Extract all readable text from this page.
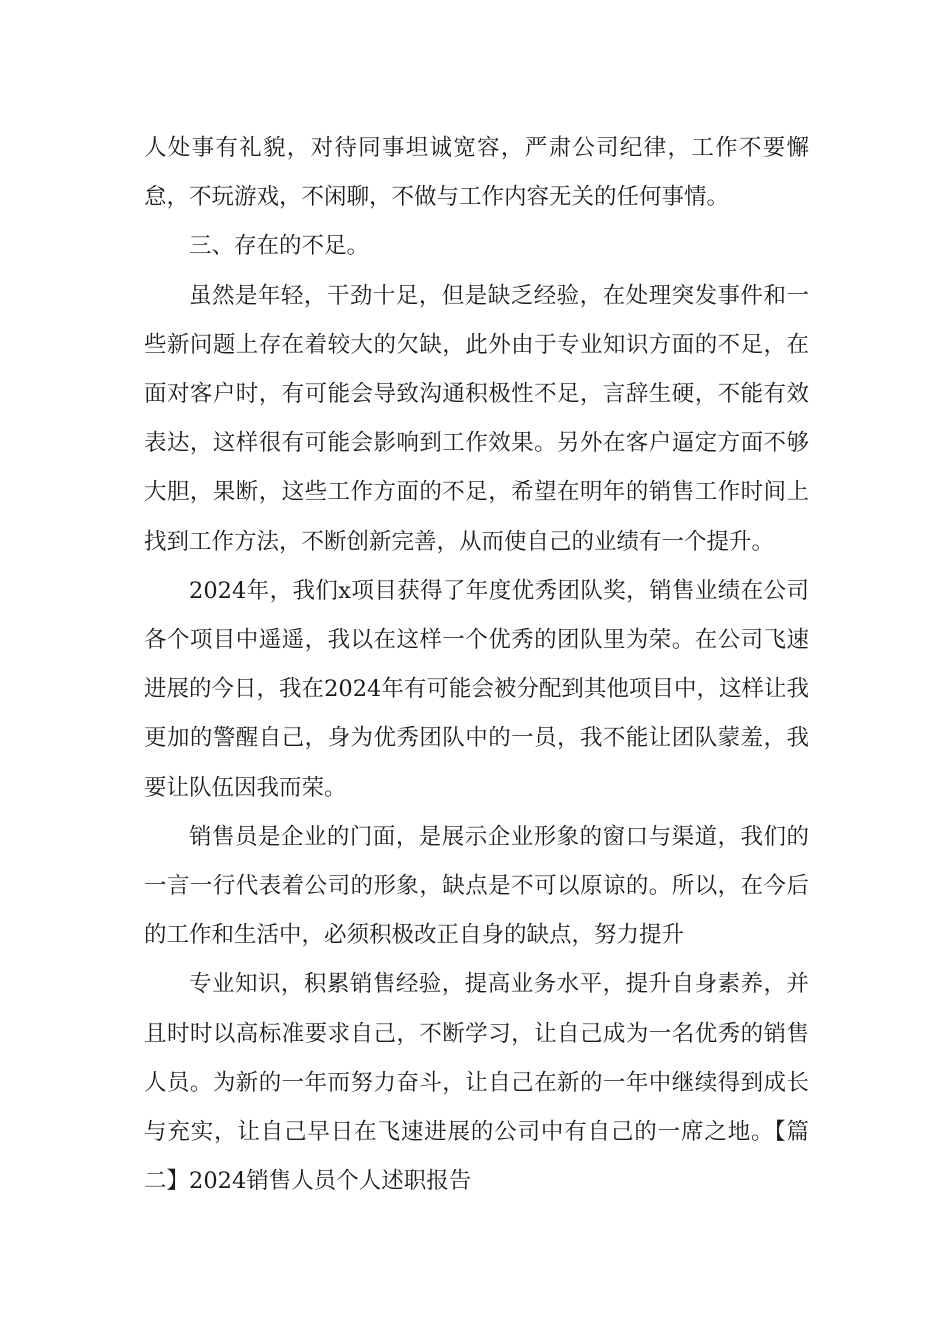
人处事有礼貌，对待同事坦诚宽容，严肃公司纪律，工作不要懈怠，不玩游戏，不闲聊，不做与工作内容无关的任何事情。

三、存在的不足。

虽然是年轻，干劲十足，但是缺乏经验，在处理突发事件和一些新问题上存在着较大的欠缺，此外由于专业知识方面的不足，在面对客户时，有可能会导致沟通积极性不足，言辞生硬，不能有效表达，这样很有可能会影响到工作效果。另外在客户逼定方面不够大胆，果断，这些工作方面的不足，希望在明年的销售工作时间上找到工作方法，不断创新完善，从而使自己的业绩有一个提升。

2024年，我们x项目获得了年度优秀团队奖，销售业绩在公司各个项目中遥遥，我以在这样一个优秀的团队里为荣。在公司飞速进展的今日，我在2024年有可能会被分配到其他项目中，这样让我更加的警醒自己，身为优秀团队中的一员，我不能让团队蒙羞，我要让队伍因我而荣。

销售员是企业的门面，是展示企业形象的窗口与渠道，我们的一言一行代表着公司的形象，缺点是不可以原谅的。所以，在今后的工作和生活中，必须积极改正自身的缺点，努力提升

专业知识，积累销售经验，提高业务水平，提升自身素养，并且时时以高标准要求自己，不断学习，让自己成为一名优秀的销售人员。为新的一年而努力奋斗，让自己在新的一年中继续得到成长与充实，让自己早日在飞速进展的公司中有自己的一席之地。【篇二】2024销售人员个人述职报告
